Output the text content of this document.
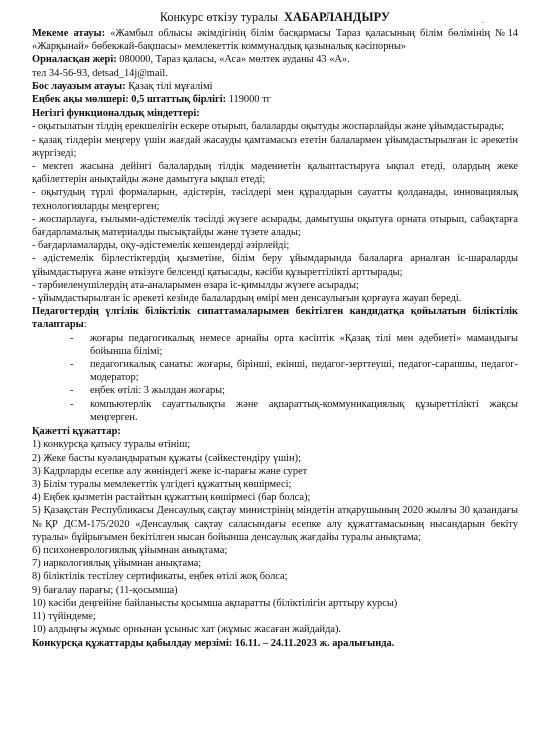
.
Конкурс өткізу туралы ХАБАРЛАНДЫРУ

Мекеме атауы: «Жамбыл облысы әкімдігінің білім басқармасы Тараз қаласының білім бөлімінің №14 «Жарқынай» бөбекжай-бақшасы» мемлекеттік коммуналдық қазыналық кәсіпорны»

Орналасқан жері: 080000, Тараз қаласы, «Аса» мөлтек ауданы 43 «А».

тел 34-56-93, detsad_14j@mail.

Бос лауазым атауы: Қазақ тілі мұғалімі

Еңбек ақы мөлшері: 0,5 штаттық бірлігі: 119000 тг

Негізгі функционалдық міндеттері:

- оқытылатын тілдің ерекшелігін ескере отырып, балаларды оқытуды жоспарлайды және ұйымдастырады;

- қазақ тілдерін меңгеру үшін жағдай жасауды қамтамасыз ететін балалармен ұйымдастырылған іс әрекетін жүргізеді;

- мектеп жасына дейінгі балалардың тілдік мәдениетін қалыптастыруға ықпал етеді, олардың жеке қабілеттерін анықтайды және дамытуға ықпал етеді;

- оқытудың түрлі формаларын, әдістерін, тәсілдері мен құралдарын сауатты қолданады, инновациялық технологияларды меңгерген;

- жоспарлауға, ғылыми-әдістемелік тәсілді жүзеге асырады, дамытушы оқытуға орната отырып, сабақтарға бағдарламалық материалды пысықтайды және түзете алады;

- бағдарламаларды, оқу-әдістемелік кешендерді әзірлейді;

- әдістемелік бірлестіктердің қызметіне, білім беру ұйымдарында балаларға арналған іс-шараларды ұйымдастыруға және өткізуге белсенді қатысады, кәсіби құзыреттілікті арттырады;

- тәрбиеленушілердің ата-аналарымен өзара іс-қимылды жүзеге асырады;

- ұйымдастырылған іс әрекеті кезінде балалардың өмірі мен денсаулығын қорғауға жауап береді.

Педагогтердің үлгілік біліктілік сипаттамаларымен бекітілген кандидатқа қойылатын біліктілік талаптары:

- жоғары педагогикалық немесе арнайы орта кәсіптік «Қазақ тілі мен әдебиеті» мамандығы бойынша білімі;
- педагогикалық санаты: жоғары, бірінші, екінші, педагог-зерттеуші, педагог-сарапшы, педагог-модератор;
- еңбек өтілі: 3 жылдан жоғары;
- компьютерлік сауаттылықты және ақпараттық-коммуникациялық құзыреттілікті жақсы меңгерген.

Қажетті құжаттар:

1) конкурсқа қатысу туралы өтініш;
2) Жеке басты куәландыратын құжаты (сәйкестендіру үшін);
3) Кадрларды есепке алу жөніндегі жеке іс-парағы және сурет
3) Білім туралы мемлекеттік үлгідегі құжаттың көшірмесі;
4) Еңбек қызметін растайтын құжаттың көшірмесі (бар болса);
5) Қазақстан Республикасы Денсаулық сақтау министрінің міндетін атқарушының 2020 жылғы 30 қазандағы №ҚР ДСМ-175/2020 «Денсаулық сақтау саласындағы есепке алу құжаттамасының нысандарын бекіту туралы» бұйрығымен бекітілген нысан бойынша денсаулық жағдайы туралы анықтама;
6) психоневрологиялық ұйымнан анықтама;
7) наркологиялық ұйымнан анықтама;
8) біліктілік тестілеу сертификаты, еңбек өтілі жоқ болса;
9) бағалау парағы; (11-қосымша)
10) кәсіби деңгейіне байланысты қосымша ақпаратты (біліктілігін арттыру курсы)
11) түйіндеме;
10) алдыңғы жұмыс орнынан ұсыныс хат (жұмыс жасаған жайдайда).

Конкурсқа құжаттарды қабылдау мерзімі: 16.11. – 24.11.2023 ж. аралығында.
